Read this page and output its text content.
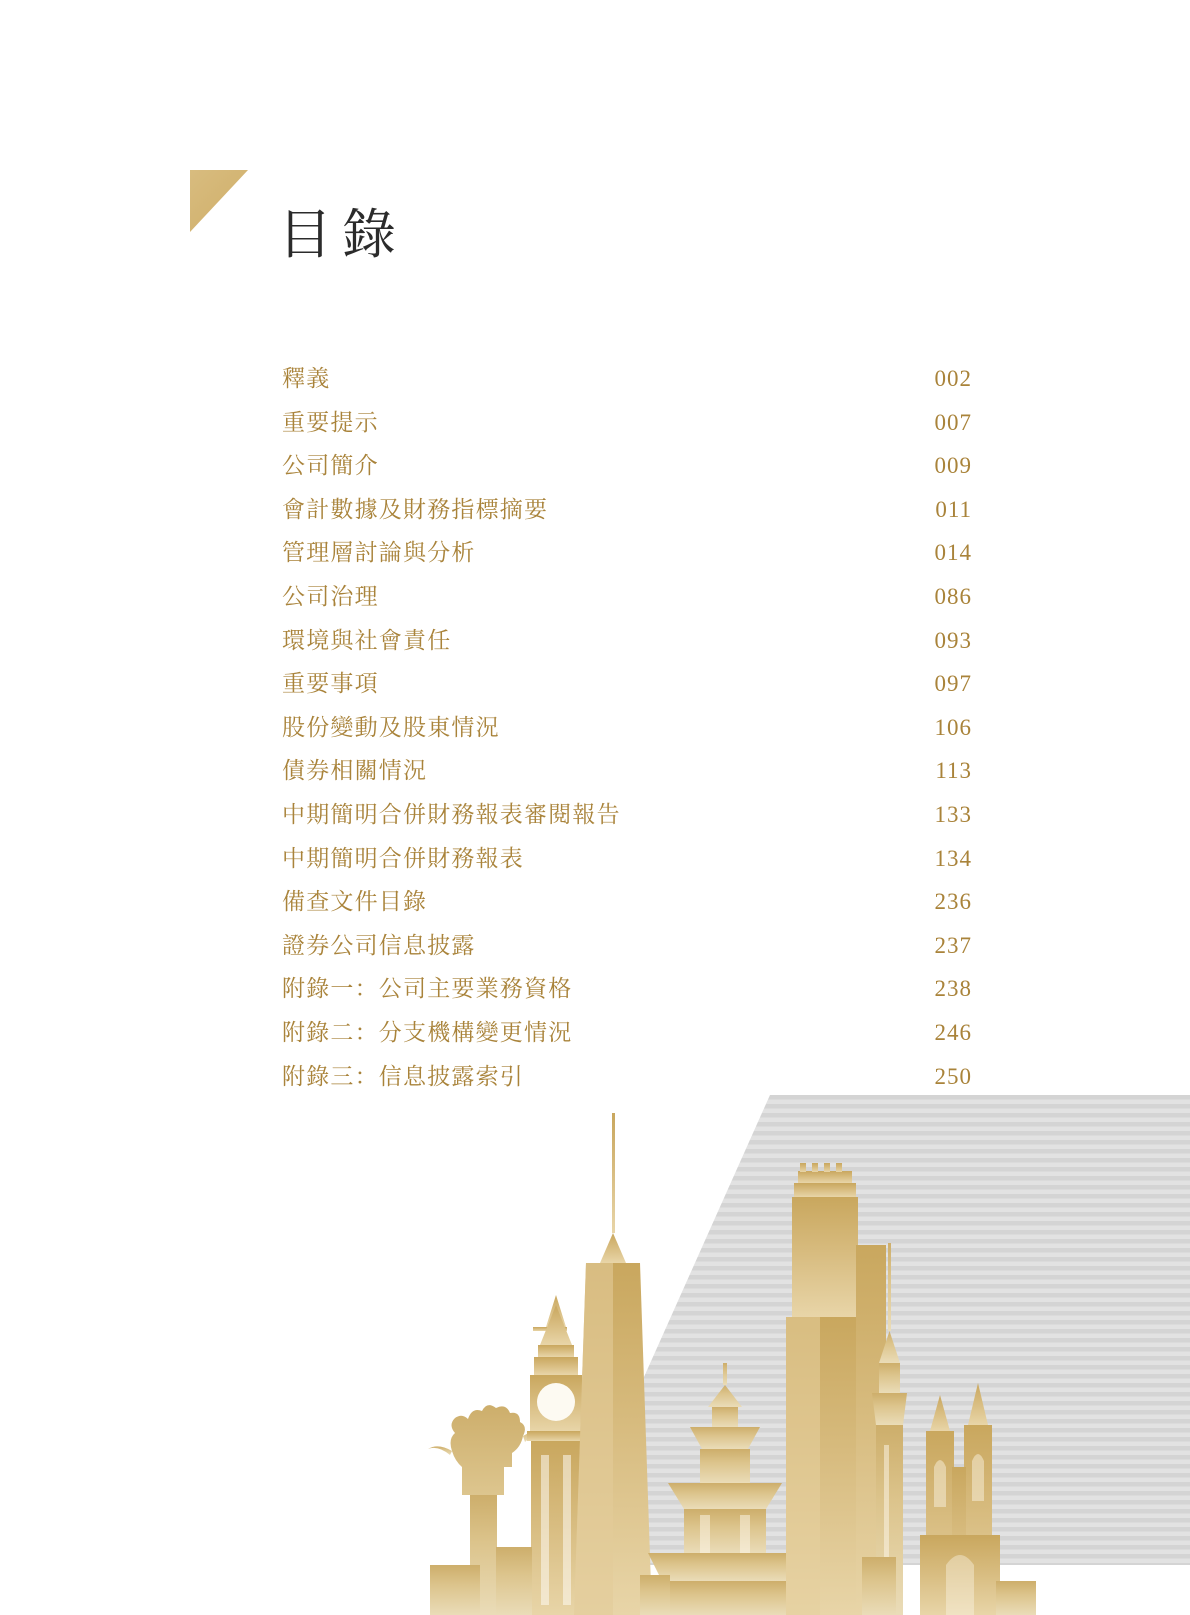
目錄
釋義	002
重要提示	007
公司簡介	009
會計數據及財務指標摘要	011
管理層討論與分析	014
公司治理	086
環境與社會責任	093
重要事項	097
股份變動及股東情況	106
債券相關情況	113
中期簡明合併財務報表審閱報告	133
中期簡明合併財務報表	134
備查文件目錄	236
證券公司信息披露	237
附錄一：公司主要業務資格	238
附錄二：分支機構變更情況	246
附錄三：信息披露索引	250
